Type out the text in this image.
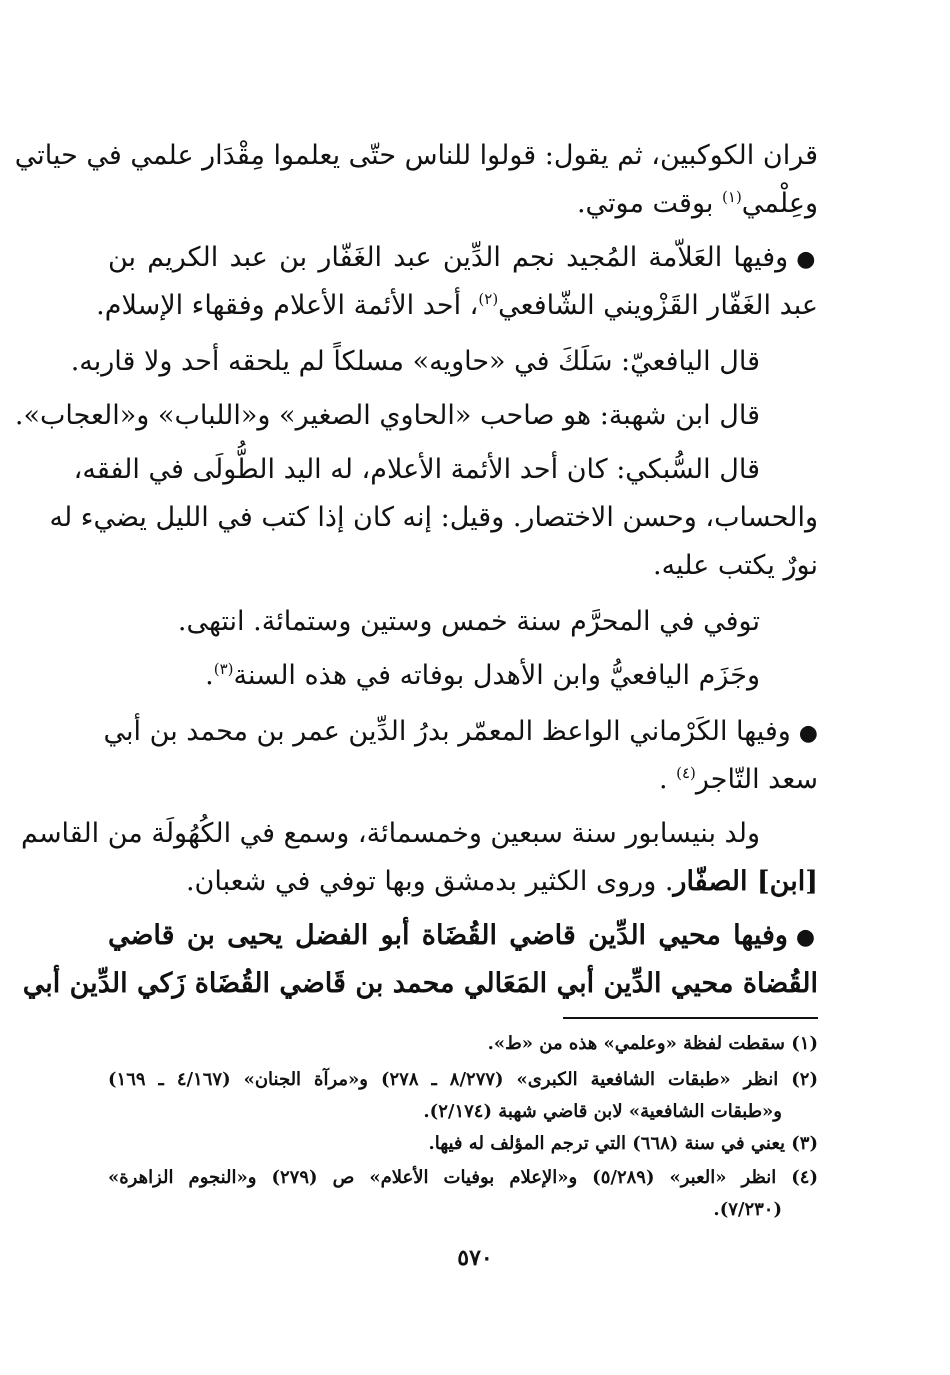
قران الكوكبين، ثم يقول: قولوا للناس حتّى يعلموا مِقْدَار علمي في حياتي
وعِلْمي$^{(١)}$ بوقت موتي.
●وفيها العَلاّمة المُجيد نجم الدِّين عبد الغَفّار بن عبد الكريم بن
عبد الغَفّار القَزْويني الشّافعي$^{(٢)}$، أحد الأئمة الأعلام وفقهاء الإسلام.
قال اليافعيّ: سَلَكَ في «حاويه» مسلكاً لم يلحقه أحد ولا قاربه.
قال ابن شهبة: هو صاحب «الحاوي الصغير» و«اللباب» و«العجاب».
قال السُّبكي: كان أحد الأئمة الأعلام، له اليد الطُّولَى في الفقه،
والحساب، وحسن الاختصار. وقيل: إنه كان إذا كتب في الليل يضيء له
نورٌ يكتب عليه.
توفي في المحرَّم سنة خمس وستين وستمائة. انتهى.
وجَزَم اليافعيُّ وابن الأهدل بوفاته في هذه السنة$^{(٣)}$.
●وفيها الكَرْماني الواعظ المعمّر بدرُ الدِّين عمر بن محمد بن أبي
سعد التّاجر$^{(٤)}$ .
ولد بنيسابور سنة سبعين وخمسمائة، وسمع في الكُهُولَة من القاسم
[ابن] الصفّار. وروى الكثير بدمشق وبها توفي في شعبان.
●وفيها محيي الدِّين قاضي القُضَاة أبو الفضل يحيى بن قاضي
القُضاة محيي الدِّين أبي المَعَالي محمد بن قَاضي القُضَاة زَكي الدِّين أبي
(١) سقطت لفظة «وعلمي» هذه من «ط».
(٢) انظر «طبقات الشافعية الكبرى» (٨/٢٧٧ ـ ٢٧٨) و«مرآة الجنان» (٤/١٦٧ ـ ١٦٩)
و«طبقات الشافعية» لابن قاضي شهبة (٢/١٧٤).
(٣) يعني في سنة (٦٦٨) التي ترجم المؤلف له فيها.
(٤) انظر «العبر» (٥/٢٨٩) و«الإعلام بوفيات الأعلام» ص (٢٧٩) و«النجوم الزاهرة»
(٧/٢٣٠).
٥٧٠
